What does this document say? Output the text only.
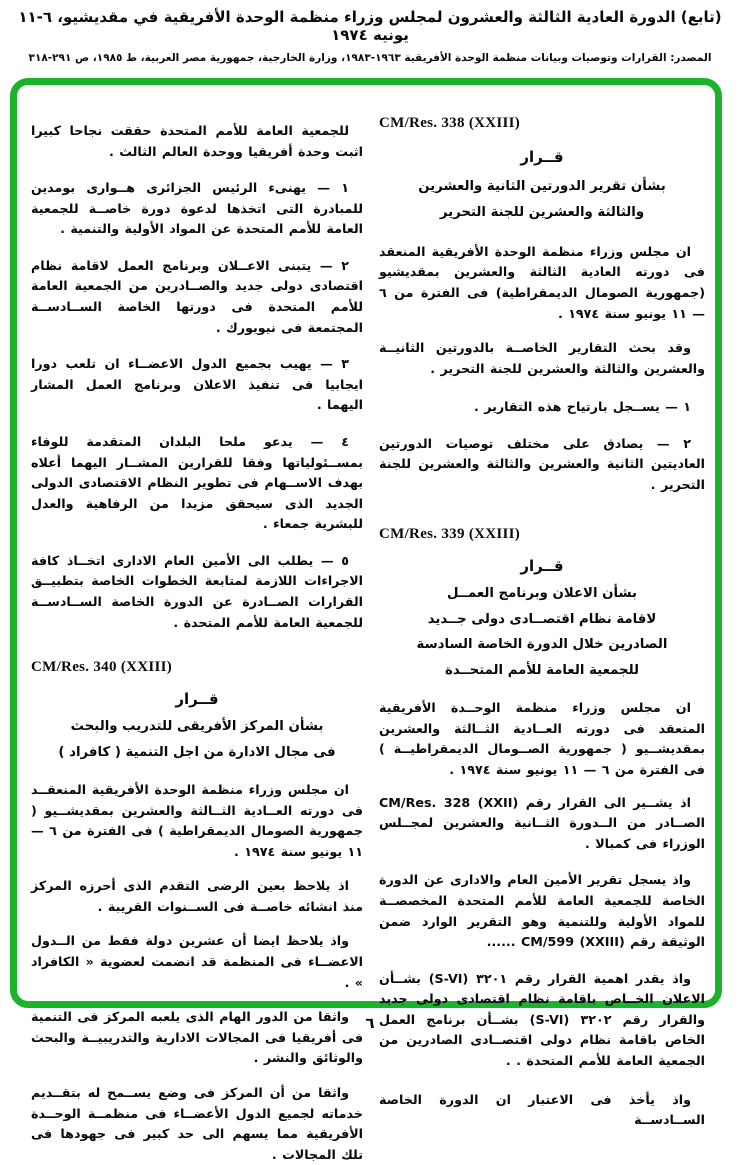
(تابع) الدورة العادية الثالثة والعشرون لمجلس وزراء منظمة الوحدة الأفريقية في مقديشيو، ٦-١١ يونيه ١٩٧٤
المصدر: القرارات وتوصيات وبيانات منظمة الوحدة الأفريقية ١٩٦٣-١٩٨٣، وزارة الخارجية، جمهورية مصر العربية، ط ١٩٨٥، ص ٢٩١-٣١٨
CM/Res. 338 (XXIII)
قــرار
بشأن تقرير الدورتين الثانية والعشرين
والثالثة والعشرين للجنة التحرير
ان مجلس وزراء منظمة الوحدة الأفريقية المنعقد فى دورته العادية الثالثة والعشرين بمقديشيو (جمهورية الصومال الديمقراطية) فى الفترة من ٦ — ١١ يونيو سنة ١٩٧٤ .
وقد بحث التقارير الخاصــة بالدورتين الثانيــة والعشرين والثالثة والعشرين للجنة التحرير .
١ — يســجل بارتياح هذه التقارير .
٢ — يصادق على مختلف توصيات الدورتين العاديتين الثانية والعشرين والثالثة والعشرين للجنة التحرير .
CM/Res. 339 (XXIII)
قــرار
بشأن الاعلان وبرنامج العمــل
لاقامة نظام اقتصــادى دولى جــديد
الصادرين خلال الدورة الخاصة السادسة
للجمعية العامة للأمم المتحــدة
ان مجلس وزراء منظمة الوحــدة الأفريقية المنعقد فى دورته العــادية الثــالثة والعشرين بمقديشــيو ( جمهورية الصــومال الديمقراطيــة ) فى الفترة من ٦ — ١١ يونيو سنة ١٩٧٤ .
اذ يشــير الى القرار رقم CM/Res. 328 (XXII) الصــادر من الــدورة الثــانية والعشرين لمجــلس الوزراء فى كمبالا .
واذ يسجل تقرير الأمين العام والادارى عن الدورة الخاصة للجمعية العامة للأمم المتحدة المخصصــة للمواد الأولية وللتنمية وهو التقرير الوارد ضمن الوثيقة رقم CM/599 (XXIII) ......
واذ يقدر اهمية القرار رقم ٣٢٠١ (S-VI) بشــأن الاعلان الخــاص باقامة نظام اقتصادى دولى جديد والقرار رقم ٣٢٠٢ (S-VI) بشــأن برنامج العمل الخاص باقامة نظام دولى اقتصــادى الصادرين من الجمعية العامة للأمم المتحدة . .
واذ يأخذ فى الاعتبار ان الدورة الخاصة الســادســة
للجمعية العامة للأمم المتحدة حققت نجاحا كبيرا اثبت وحدة أفريقيا ووحدة العالم الثالث .
١ — يهنىء الرئيس الجزائرى هــوارى بومدين للمبادرة التى اتخذها لدعوة دورة خاصــة للجمعية العامة للأمم المتحدة عن المواد الأولية والتنمية .
٢ — يتبنى الاعــلان وبرنامج العمل لاقامة نظام اقتصادى دولى جديد والصــادرين من الجمعية العامة للأمم المتحدة فى دورتها الخاصة الســادســة المجتمعة فى نيويورك .
٣ — يهيب بجميع الدول الاعضــاء ان تلعب دورا ايجابيا فى تنفيذ الاعلان وبرنامج العمل المشار اليهما .
٤ — يدعو ملحا البلدان المتقدمة للوفاء بمســئولياتها وفقا للقرارين المشــار اليهما أعلاه بهدف الاســهام فى تطوير النظام الاقتصادى الدولى الجديد الذى سيحقق مزيدا من الرفاهية والعدل للبشرية جمعاء .
٥ — يطلب الى الأمين العام الادارى اتخــاذ كافة الاجراءات اللازمة لمتابعة الخطوات الخاصة بتطبيــق القرارات الصــادرة عن الدورة الخاصة الســادســة للجمعية العامة للأمم المتحدة .
CM/Res. 340 (XXIII)
قــرار
بشأن المركز الأفريقى للتدريب والبحث
فى مجال الادارة من اجل التنمية ( كافراد )
ان مجلس وزراء منظمة الوحدة الأفريقية المنعقــد فى دورته العــادية الثــالثة والعشرين بمقديشــيو ( جمهورية الصومال الديمقراطية ) فى الفترة من ٦ — ١١ يونيو سنة ١٩٧٤ .
اذ يلاحظ بعين الرضى التقدم الذى أحرزه المركز منذ انشائه خاصــة فى الســنوات القريبة .
واذ يلاحظ ايضا أن عشرين دولة فقط من الــدول الاعضــاء فى المنظمة قد انضمت لعضوية « الكافراد » .
واثقا من الدور الهام الذى يلعبه المركز فى التنمية فى أفريقيا فى المجالات الادارية والتدريبيــة والبحث والوثائق والنشر .
واثقا من أن المركز فى وضع يســمح له بتقــديم خدماته لجميع الدول الأعضــاء فى منظمــة الوحــدة الأفريقية مما يسهم الى حد كبير فى جهودها فى تلك المجالات .
٦
